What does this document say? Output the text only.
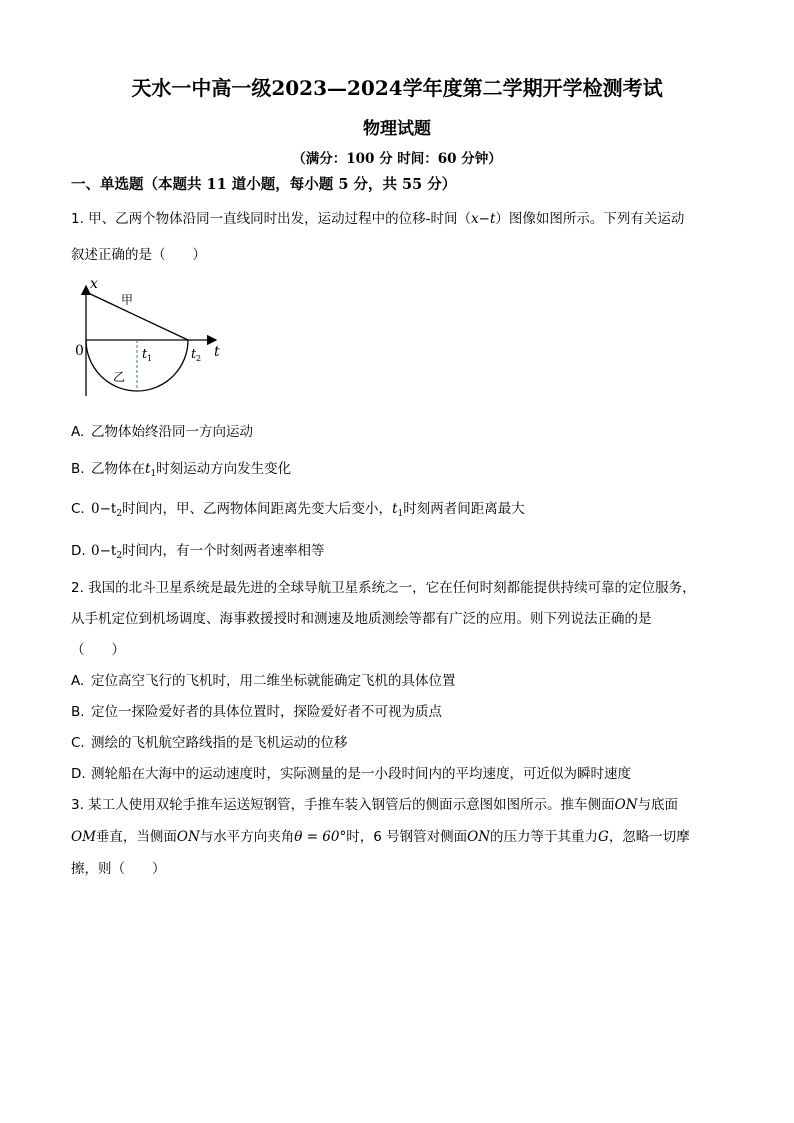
天水一中高一级2023—2024学年度第二学期开学检测考试
物理试题
（满分：100 分 时间：60 分钟）
一、单选题（本题共 11 道小题，每小题 5 分，共 55 分）
1. 甲、乙两个物体沿同一直线同时出发，运动过程中的位移-时间（x−t）图像如图所示。下列有关运动
叙述正确的是（　　）
x
0	t
t 1	t 2
甲
乙
A. 乙物体始终沿同一方向运动
B. 乙物体在$t_1$时刻运动方向发生变化
C. $0-t_2$时间内，甲、乙两物体间距离先变大后变小，$t_1$时刻两者间距离最大
D. $0-t_2$时间内，有一个时刻两者速率相等
2. 我国的北斗卫星系统是最先进的全球导航卫星系统之一，它在任何时刻都能提供持续可靠的定位服务，
从手机定位到机场调度、海事救援授时和测速及地质测绘等都有广泛的应用。则下列说法正确的是
（　　）
A. 定位高空飞行的飞机时，用二维坐标就能确定飞机的具体位置
B. 定位一探险爱好者的具体位置时，探险爱好者不可视为质点
C. 测绘的飞机航空路线指的是飞机运动的位移
D. 测轮船在大海中的运动速度时，实际测量的是一小段时间内的平均速度，可近似为瞬时速度
3. 某工人使用双轮手推车运送短钢管，手推车装入钢管后的侧面示意图如图所示。推车侧面ON与底面
OM垂直，当侧面ON与水平方向夹角θ = 60°时，6 号钢管对侧面ON的压力等于其重力G，忽略一切摩
擦，则（　　）
